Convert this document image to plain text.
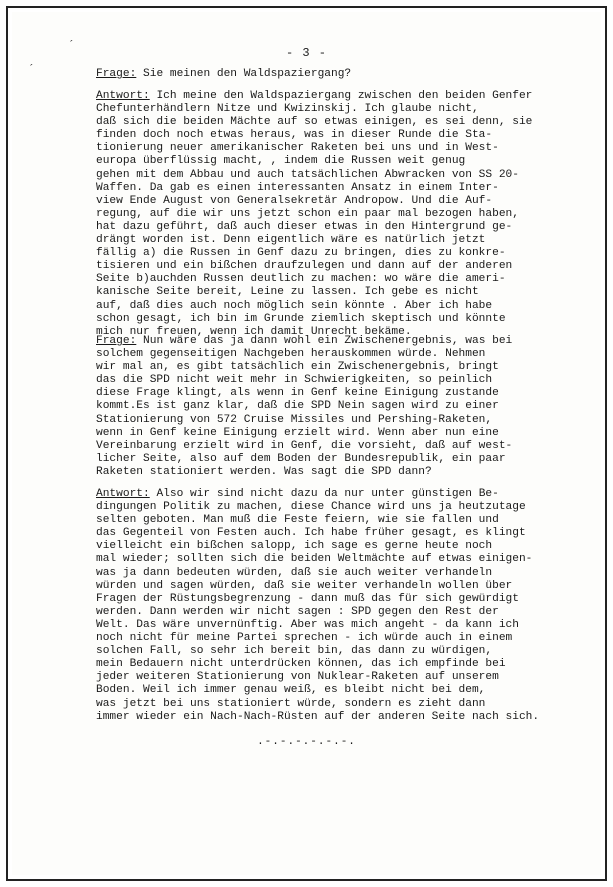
´
´
- 3 -
Frage: Sie meinen den Waldspaziergang?
Antwort: Ich meine den Waldspaziergang zwischen den beiden Genfer
Chefunterhändlern Nitze und Kwizinskij. Ich glaube nicht,
daß sich die beiden Mächte auf so etwas einigen, es sei denn, sie
finden doch noch etwas heraus, was in dieser Runde die Sta-
tionierung neuer amerikanischer Raketen bei uns und in West-
europa überflüssig macht, , indem die Russen weit genug
gehen mit dem Abbau und auch tatsächlichen Abwracken von SS 20-
Waffen. Da gab es einen interessanten Ansatz in einem Inter-
view Ende August von Generalsekretär Andropow. Und die Auf-
regung, auf die wir uns jetzt schon ein paar mal bezogen haben,
hat dazu geführt, daß auch dieser etwas in den Hintergrund ge-
drängt worden ist. Denn eigentlich wäre es natürlich jetzt
fällig a) die Russen in Genf dazu zu bringen, dies zu konkre-
tisieren und ein bißchen draufzulegen und dann auf der anderen
Seite b)auchden Russen deutlich zu machen: wo wäre die ameri-
kanische Seite bereit, Leine zu lassen. Ich gebe es nicht
auf, daß dies auch noch möglich sein könnte . Aber ich habe
schon gesagt, ich bin im Grunde ziemlich skeptisch und könnte
mich nur freuen, wenn ich damit Unrecht bekäme.
Frage: Nun wäre das ja dann wohl ein Zwischenergebnis, was bei
solchem gegenseitigen Nachgeben herauskommen würde. Nehmen
wir mal an, es gibt tatsächlich ein Zwischenergebnis, bringt
das die SPD nicht weit mehr in Schwierigkeiten, so peinlich
diese Frage klingt, als wenn in Genf keine Einigung zustande
kommt.Es ist ganz klar, daß die SPD Nein sagen wird zu einer
Stationierung von 572 Cruise Missiles und Pershing-Raketen,
wenn in Genf keine Einigung erzielt wird. Wenn aber nun eine
Vereinbarung erzielt wird in Genf, die vorsieht, daß auf west-
licher Seite, also auf dem Boden der Bundesrepublik, ein paar
Raketen stationiert werden. Was sagt die SPD dann?
Antwort: Also wir sind nicht dazu da nur unter günstigen Be-
dingungen Politik zu machen, diese Chance wird uns ja heutzutage
selten geboten. Man muß die Feste feiern, wie sie fallen und
das Gegenteil von Festen auch. Ich habe früher gesagt, es klingt
vielleicht ein bißchen salopp, ich sage es gerne heute noch
mal wieder; sollten sich die beiden Weltmächte auf etwas einigen-
was ja dann bedeuten würden, daß sie auch weiter verhandeln
würden und sagen würden, daß sie weiter verhandeln wollen über
Fragen der Rüstungsbegrenzung - dann muß das für sich gewürdigt
werden. Dann werden wir nicht sagen : SPD gegen den Rest der
Welt. Das wäre unvernünftig. Aber was mich angeht - da kann ich
noch nicht für meine Partei sprechen - ich würde auch in einem
solchen Fall, so sehr ich bereit bin, das dann zu würdigen,
mein Bedauern nicht unterdrücken können, das ich empfinde bei
jeder weiteren Stationierung von Nuklear-Raketen auf unserem
Boden. Weil ich immer genau weiß, es bleibt nicht bei dem,
was jetzt bei uns stationiert würde, sondern es zieht dann
immer wieder ein Nach-Nach-Rüsten auf der anderen Seite nach sich.
.-.-.-.-.-.-.
